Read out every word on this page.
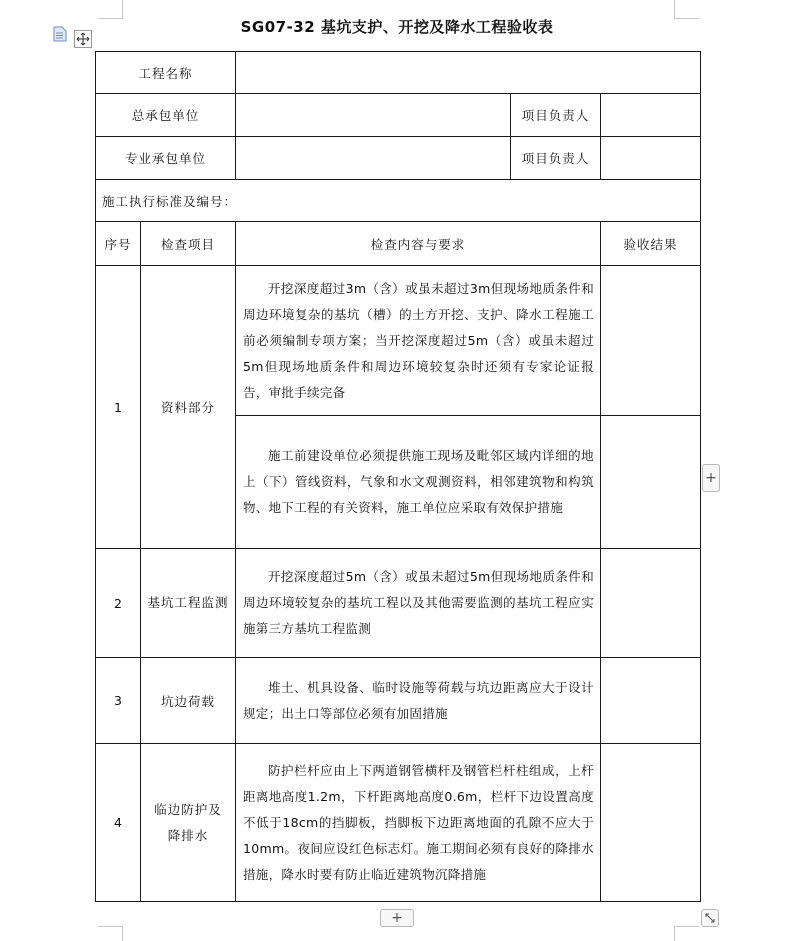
SG07-32 基坑支护、开挖及降水工程验收表
工程名称			
总承包单位		项目负责人	

专业承包单位		项目负责人	

施工执行标准及编号：			
序号	检查项目	检查内容与要求	验收结果
1	资料部分	开挖深度超过3m（含）或虽未超过3m但现场地质条件和周边环境复杂的基坑（槽）的土方开挖、支护、降水工程施工前必须编制专项方案；当开挖深度超过5m（含）或虽未超过5m但现场地质条件和周边环境较复杂时还须有专家论证报告，审批手续完备	
		施工前建设单位必须提供施工现场及毗邻区域内详细的地上（下）管线资料，气象和水文观测资料，相邻建筑物和构筑物、地下工程的有关资料，施工单位应采取有效保护措施	
2	基坑工程监测	开挖深度超过5m（含）或虽未超过5m但现场地质条件和周边环境较复杂的基坑工程以及其他需要监测的基坑工程应实施第三方基坑工程监测	
3	坑边荷载	堆土、机具设备、临时设施等荷载与坑边距离应大于设计规定；出土口等部位必须有加固措施	
4	临边防护及降排水	防护栏杆应由上下两道钢管横杆及钢管栏杆柱组成，上杆距离地高度1.2m，下杆距离地高度0.6m，栏杆下边设置高度不低于18cm的挡脚板，挡脚板下边距离地面的孔隙不应大于10mm。夜间应设红色标志灯。施工期间必须有良好的降排水措施，降水时要有防止临近建筑物沉降措施	
+
+
